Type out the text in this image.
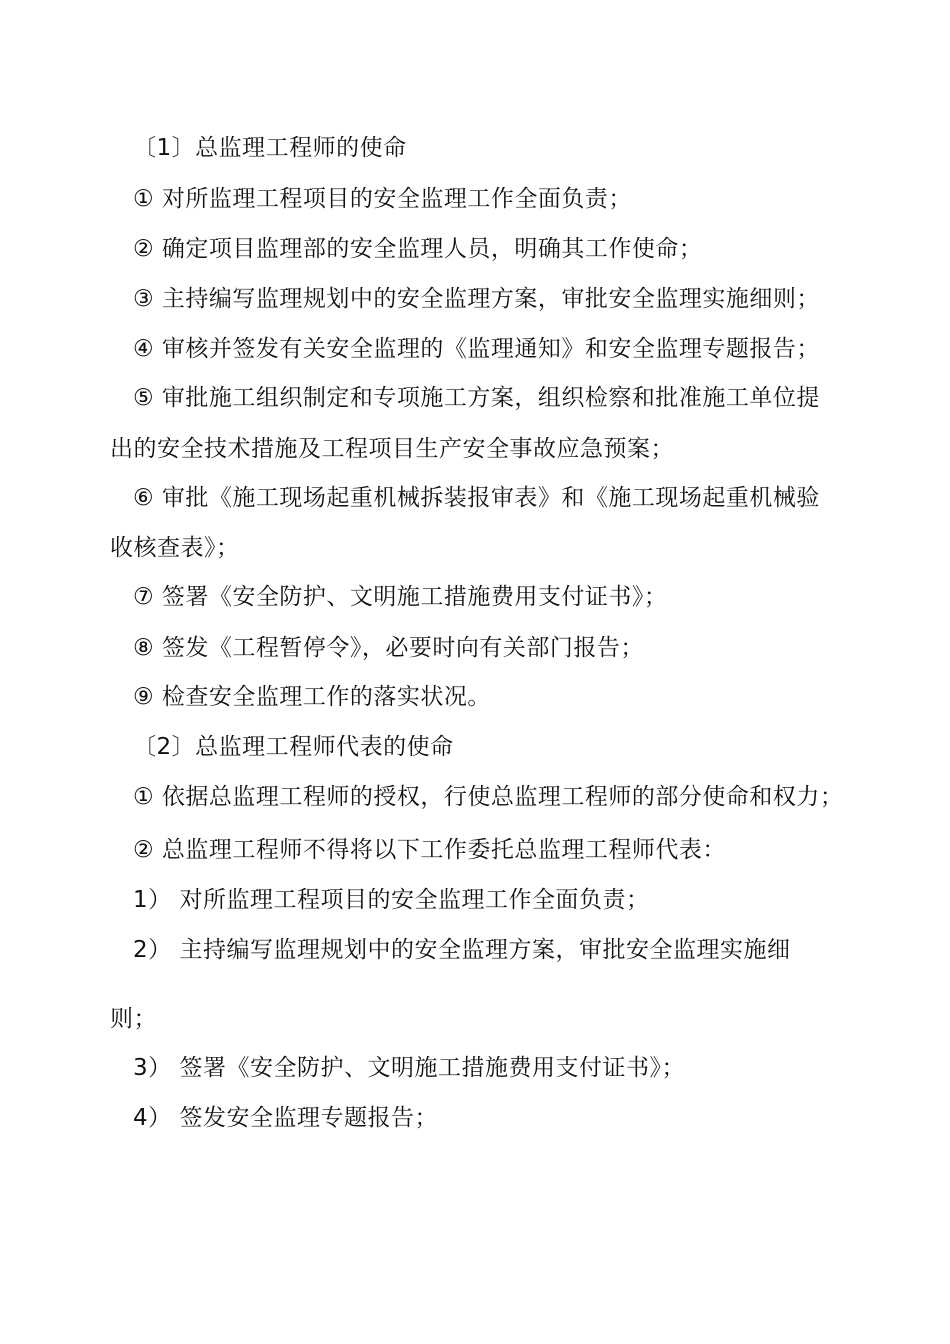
〔1〕总监理工程师的使命
① 对所监理工程项目的安全监理工作全面负责；
② 确定项目监理部的安全监理人员，明确其工作使命；
③ 主持编写监理规划中的安全监理方案，审批安全监理实施细则；
④ 审核并签发有关安全监理的《监理通知》和安全监理专题报告；
⑤ 审批施工组织制定和专项施工方案，组织检察和批准施工单位提
出的安全技术措施及工程项目生产安全事故应急预案；
⑥ 审批《施工现场起重机械拆装报审表》和《施工现场起重机械验
收核查表》；
⑦ 签署《安全防护、文明施工措施费用支付证书》；
⑧ 签发《工程暂停令》，必要时向有关部门报告；
⑨ 检查安全监理工作的落实状况。
〔2〕总监理工程师代表的使命
① 依据总监理工程师的授权，行使总监理工程师的部分使命和权力；
② 总监理工程师不得将以下工作委托总监理工程师代表：
1） 对所监理工程项目的安全监理工作全面负责；
2） 主持编写监理规划中的安全监理方案，审批安全监理实施细
则；
3） 签署《安全防护、文明施工措施费用支付证书》；
4） 签发安全监理专题报告；
